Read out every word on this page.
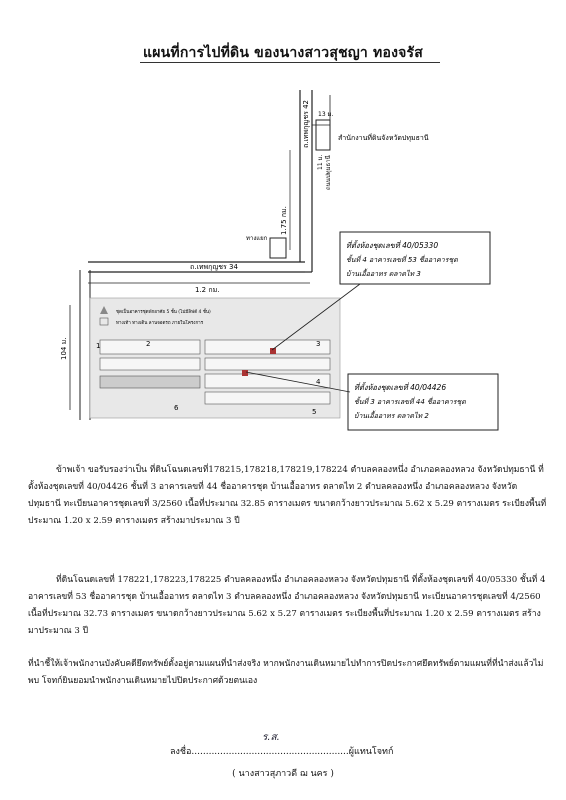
แผนที่การไปที่ดิน ของนางสาวสุชญา ทองจรัส
ถ.เทพกุญชร 42
1.75 กม.
สำนักงานที่ดินจังหวัดปทุมธานี
13 ม.
ถนนปทุมธานี
11 ม.
ถ.เทพกุญชร 34
1.2 กม.
ทางแยก
104 ม.
ชุดเป็นอาคารชุดพักอาศัย 5 ชั้น (ไม่มีลิฟต์ 4 ชั้น)
ทางเท้า ทางเดิน ลานจอดรถ ภายในโครงการ
1	2	3
4
5
6
ที่ตั้งห้องชุดเลขที่ 40/05330
ชั้นที่ 4 อาคารเลขที่ 53 ชื่ออาคารชุด
บ้านเอื้ออาทร ตลาดไท 3
ที่ตั้งห้องชุดเลขที่ 40/04426
ชั้นที่ 3 อาคารเลขที่ 44 ชื่ออาคารชุด
บ้านเอื้ออาทร ตลาดไท 2
ข้าพเจ้า ขอรับรองว่าเป็น ที่ดินโฉนดเลขที่178215,178218,178219,178224 ตำบลคลองหนึ่ง อำเภอคลองหลวง จังหวัดปทุมธานี ที่ตั้งห้องชุดเลขที่ 40/04426 ชั้นที่ 3 อาคารเลขที่ 44 ชื่ออาคารชุด บ้านเอื้ออาทร ตลาดไท 2 ตำบลคลองหนึ่ง อำเภอคลองหลวง จังหวัดปทุมธานี ทะเบียนอาคารชุดเลขที่ 3/2560 เนื้อที่ประมาณ 32.85 ตารางเมตร ขนาดกว้างยาวประมาณ 5.62 x 5.29 ตารางเมตร ระเบียงพื้นที่ประมาณ 1.20 x 2.59 ตารางเมตร สร้างมาประมาณ 3 ปี
ที่ดินโฉนดเลขที่ 178221,178223,178225 ตำบลคลองหนึ่ง อำเภอคลองหลวง จังหวัดปทุมธานี ที่ตั้งห้องชุดเลขที่ 40/05330 ชั้นที่ 4 อาคารเลขที่ 53 ชื่ออาคารชุด บ้านเอื้ออาทร ตลาดไท 3 ตำบลคลองหนึ่ง อำเภอคลองหลวง จังหวัดปทุมธานี ทะเบียนอาคารชุดเลขที่ 4/2560 เนื้อที่ประมาณ 32.73 ตารางเมตร ขนาดกว้างยาวประมาณ 5.62 x 5.27 ตารางเมตร ระเบียงพื้นที่ประมาณ 1.20 x 2.59 ตารางเมตร สร้างมาประมาณ 3 ปี
ที่นำชี้ให้เจ้าพนักงานบังคับคดียึดทรัพย์ตั้งอยู่ตามแผนที่นำส่งจริง หากพนักงานเดินหมายไปทำการปิดประกาศยึดทรัพย์ตามแผนที่ที่นำส่งแล้วไม่พบ โจทก์ยินยอมนำพนักงานเดินหมายไปปิดประกาศด้วยตนเอง
ลงชื่อ.......................................................ผู้แทนโจทก์
ร.ส.
( นางสาวสุภาวดี ฌ นคร )
